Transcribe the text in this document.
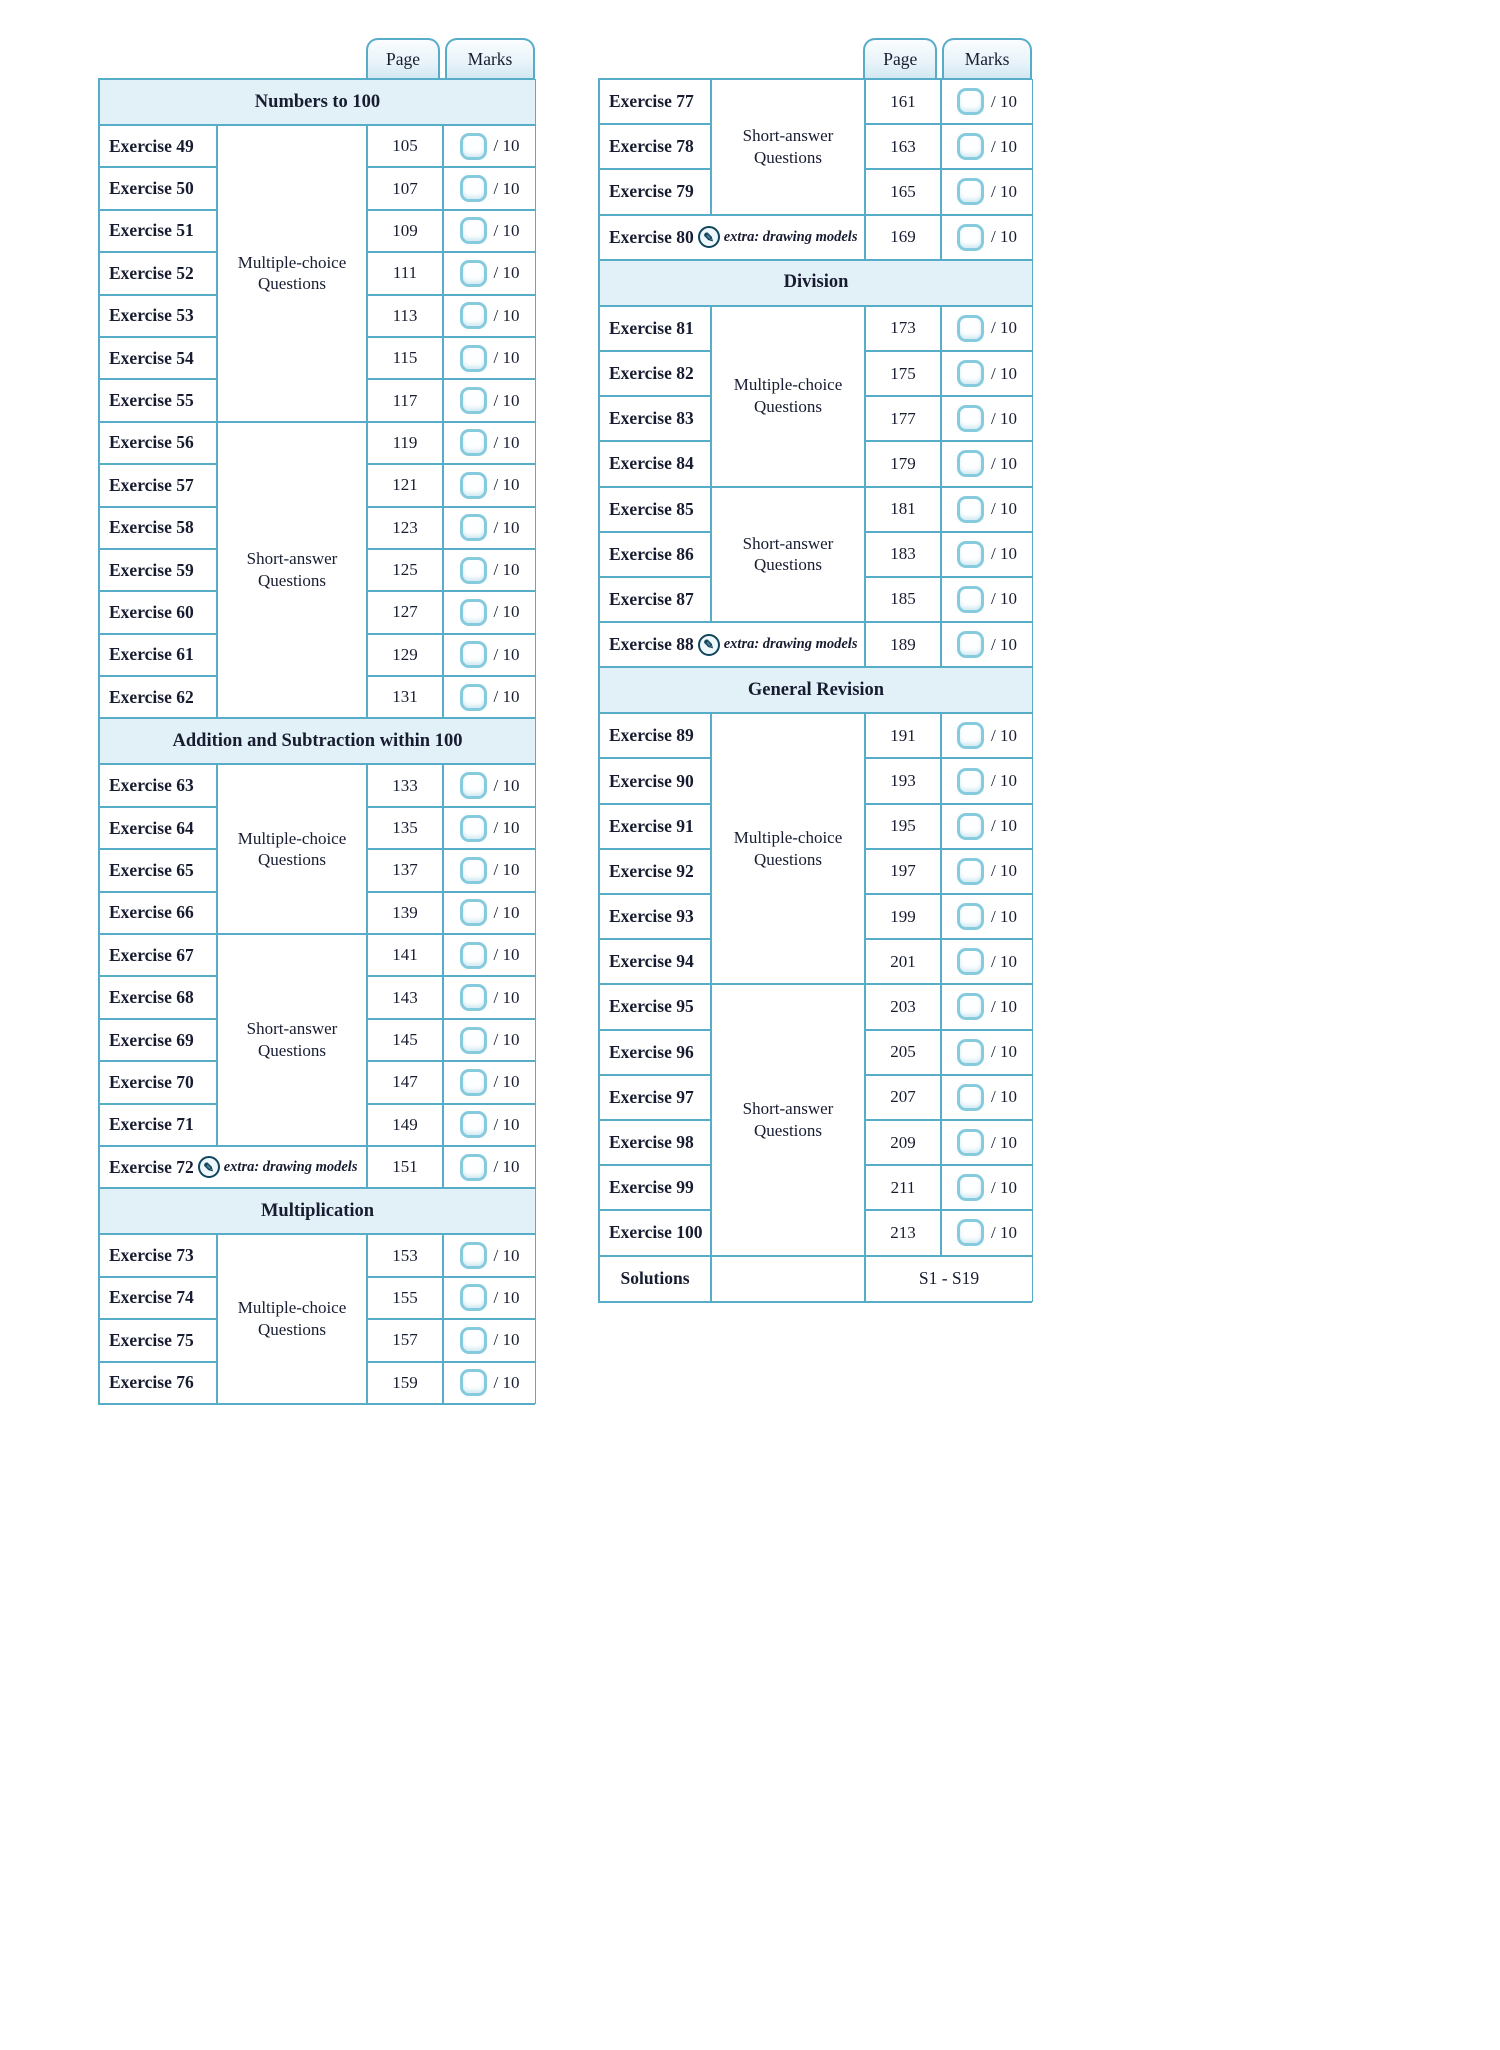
Page	Marks
Numbers to 100
Exercise 49	105	/ 10
Exercise 50	107	/ 10
Exercise 51	109	/ 10
Exercise 52	111	/ 10
Exercise 53	113	/ 10
Exercise 54	115	/ 10
Exercise 55	117	/ 10
Multiple-choice Questions
Exercise 56	119	/ 10
Exercise 57	121	/ 10
Exercise 58	123	/ 10
Exercise 59	125	/ 10
Exercise 60	127	/ 10
Exercise 61	129	/ 10
Exercise 62	131	/ 10
Short-answer Questions
Addition and Subtraction within 100
Exercise 63	133	/ 10
Exercise 64	135	/ 10
Exercise 65	137	/ 10
Exercise 66	139	/ 10
Multiple-choice Questions
Exercise 67	141	/ 10
Exercise 68	143	/ 10
Exercise 69	145	/ 10
Exercise 70	147	/ 10
Exercise 71	149	/ 10
Exercise 72 ✎ extra: drawing models	151	/ 10
Short-answer Questions
Multiplication
Exercise 73	153	/ 10
Exercise 74	155	/ 10
Exercise 75	157	/ 10
Exercise 76	159	/ 10
Multiple-choice Questions
Page	Marks
Exercise 77	161	/ 10
Exercise 78	163	/ 10
Exercise 79	165	/ 10
Exercise 80 ✎ extra: drawing models	169	/ 10
Short-answer Questions
Division
Exercise 81	173	/ 10
Exercise 82	175	/ 10
Exercise 83	177	/ 10
Exercise 84	179	/ 10
Multiple-choice Questions
Exercise 85	181	/ 10
Exercise 86	183	/ 10
Exercise 87	185	/ 10
Exercise 88 ✎ extra: drawing models	189	/ 10
Short-answer Questions
General Revision
Exercise 89	191	/ 10
Exercise 90	193	/ 10
Exercise 91	195	/ 10
Exercise 92	197	/ 10
Exercise 93	199	/ 10
Exercise 94	201	/ 10
Multiple-choice Questions
Exercise 95	203	/ 10
Exercise 96	205	/ 10
Exercise 97	207	/ 10
Exercise 98	209	/ 10
Exercise 99	211	/ 10
Exercise 100	213	/ 10
Short-answer Questions
Solutions	S1 - S19
